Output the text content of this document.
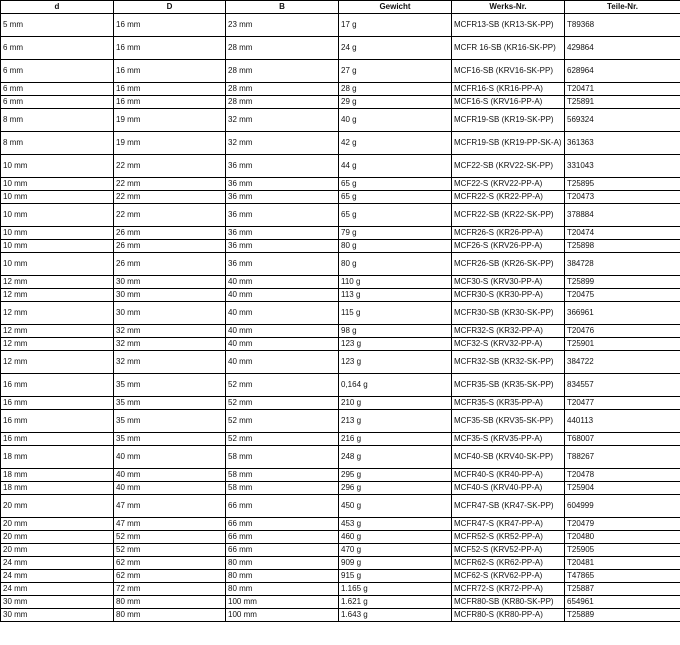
d	D	B	Gewicht	Werks-Nr.	Teile-Nr.
5 mm	16 mm	23 mm	17 g	MCFR13-SB (KR13-SK-PP)	T89368
6 mm	16 mm	28 mm	24 g	MCFR 16-SB (KR16-SK-PP)	429864
6 mm	16 mm	28 mm	27 g	MCF16-SB (KRV16-SK-PP)	628964
6 mm	16 mm	28 mm	28 g	MCFR16-S (KR16-PP-A)	T20471
6 mm	16 mm	28 mm	29 g	MCF16-S (KRV16-PP-A)	T25891
8 mm	19 mm	32 mm	40 g	MCFR19-SB (KR19-SK-PP)	569324
8 mm	19 mm	32 mm	42 g	MCFR19-SB (KR19-PP-SK-A)	361363
10 mm	22 mm	36 mm	44 g	MCF22-SB (KRV22-SK-PP)	331043
10 mm	22 mm	36 mm	65 g	MCF22-S (KRV22-PP-A)	T25895
10 mm	22 mm	36 mm	65 g	MCFR22-S (KR22-PP-A)	T20473
10 mm	22 mm	36 mm	65 g	MCFR22-SB (KR22-SK-PP)	378884
10 mm	26 mm	36 mm	79 g	MCFR26-S (KR26-PP-A)	T20474
10 mm	26 mm	36 mm	80 g	MCF26-S (KRV26-PP-A)	T25898
10 mm	26 mm	36 mm	80 g	MCFR26-SB (KR26-SK-PP)	384728
12 mm	30 mm	40 mm	110 g	MCF30-S (KRV30-PP-A)	T25899
12 mm	30 mm	40 mm	113 g	MCFR30-S (KR30-PP-A)	T20475
12 mm	30 mm	40 mm	115 g	MCFR30-SB (KR30-SK-PP)	366961
12 mm	32 mm	40 mm	98 g	MCFR32-S (KR32-PP-A)	T20476
12 mm	32 mm	40 mm	123 g	MCF32-S (KRV32-PP-A)	T25901
12 mm	32 mm	40 mm	123 g	MCFR32-SB (KR32-SK-PP)	384722
16 mm	35 mm	52 mm	0,164 g	MCFR35-SB (KR35-SK-PP)	834557
16 mm	35 mm	52 mm	210 g	MCFR35-S (KR35-PP-A)	T20477
16 mm	35 mm	52 mm	213 g	MCF35-SB (KRV35-SK-PP)	440113
16 mm	35 mm	52 mm	216 g	MCF35-S (KRV35-PP-A)	T68007
18 mm	40 mm	58 mm	248 g	MCF40-SB (KRV40-SK-PP)	T88267
18 mm	40 mm	58 mm	295 g	MCFR40-S (KR40-PP-A)	T20478
18 mm	40 mm	58 mm	296 g	MCF40-S (KRV40-PP-A)	T25904
20 mm	47 mm	66 mm	450 g	MCFR47-SB (KR47-SK-PP)	604999
20 mm	47 mm	66 mm	453 g	MCFR47-S (KR47-PP-A)	T20479
20 mm	52 mm	66 mm	460 g	MCFR52-S (KR52-PP-A)	T20480
20 mm	52 mm	66 mm	470 g	MCF52-S (KRV52-PP-A)	T25905
24 mm	62 mm	80 mm	909 g	MCFR62-S (KR62-PP-A)	T20481
24 mm	62 mm	80 mm	915 g	MCF62-S (KRV62-PP-A)	T47865
24 mm	72 mm	80 mm	1.165 g	MCFR72-S (KR72-PP-A)	T25887
30 mm	80 mm	100 mm	1.621 g	MCFR80-SB (KR80-SK-PP)	654961
30 mm	80 mm	100 mm	1.643 g	MCFR80-S (KR80-PP-A)	T25889
